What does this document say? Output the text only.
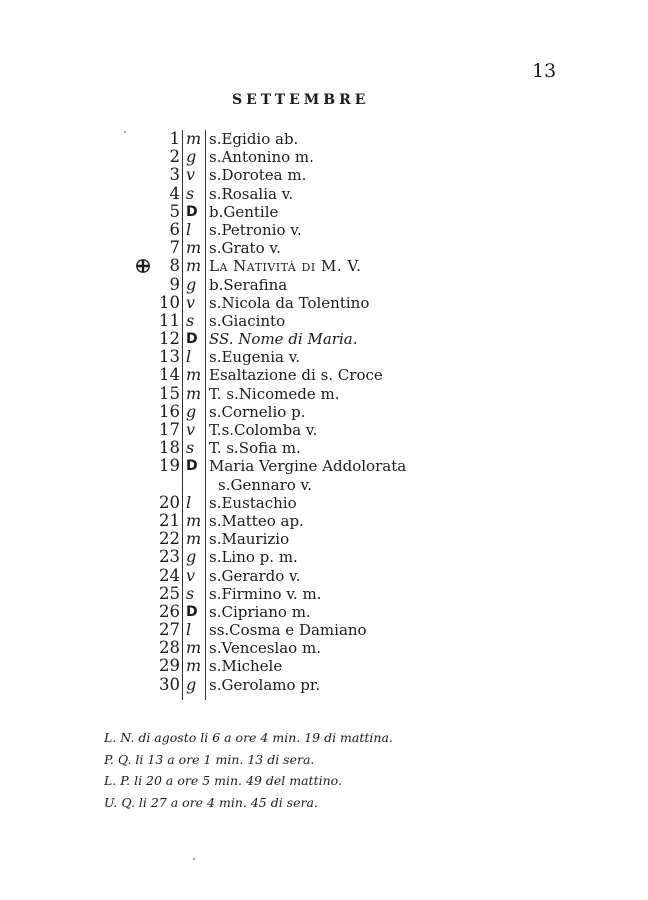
13
SETTEMBRE
1 m s.Egidio ab.
2 g s.Antonino m.
3 v s.Dorotea m.
4 s s.Rosalia v.
5 D b.Gentile
6 l s.Petronio v.
7 m s.Grato v.
8 m La Natività di M. V.
9 g b.Serafina
10 v s.Nicola da Tolentino
11 s s.Giacinto
12 D SS. Nome di Maria.
13 l s.Eugenia v.
14 m Esaltazione di s. Croce
15 m T. s.Nicomede m.
16 g s.Cornelio p.
17 v T.s.Colomba v.
18 s T. s.Sofia m.
19 D Maria Vergine Addolorata
s.Gennaro v.
20 l s.Eustachio
21 m s.Matteo ap.
22 m s.Maurizio
23 g s.Lino p. m.
24 v s.Gerardo v.
25 s s.Firmino v. m.
26 D s.Cipriano m.
27 l ss.Cosma e Damiano
28 m s.Venceslao m.
29 m s.Michele
30 g s.Gerolamo pr.
L. N. di agosto li 6 a ore 4 min. 19 di mattina.
P. Q. li 13 a ore 1 min. 13 di sera.
L. P. li 20 a ore 5 min. 49 del mattino.
U. Q. li 27 a ore 4 min. 45 di sera.
